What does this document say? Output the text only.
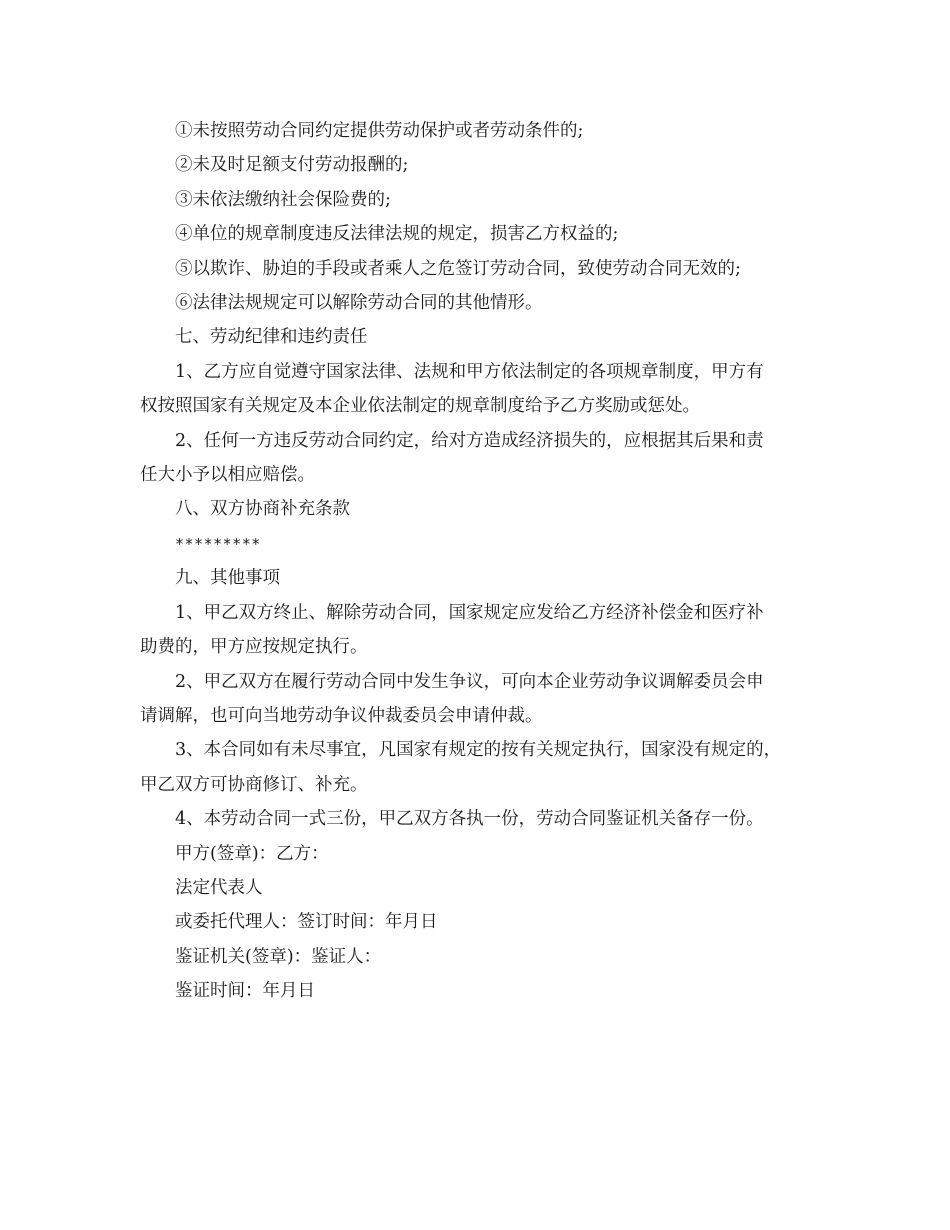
①未按照劳动合同约定提供劳动保护或者劳动条件的;

②未及时足额支付劳动报酬的;

③未依法缴纳社会保险费的;

④单位的规章制度违反法律法规的规定，损害乙方权益的;

⑤以欺诈、胁迫的手段或者乘人之危签订劳动合同，致使劳动合同无效的;

⑥法律法规规定可以解除劳动合同的其他情形。

七、劳动纪律和违约责任

1、乙方应自觉遵守国家法律、法规和甲方依法制定的各项规章制度，甲方有

权按照国家有关规定及本企业依法制定的规章制度给予乙方奖励或惩处。

2、任何一方违反劳动合同约定，给对方造成经济损失的，应根据其后果和责

任大小予以相应赔偿。

八、双方协商补充条款

*********

九、其他事项

1、甲乙双方终止、解除劳动合同，国家规定应发给乙方经济补偿金和医疗补

助费的，甲方应按规定执行。

2、甲乙双方在履行劳动合同中发生争议，可向本企业劳动争议调解委员会申

请调解，也可向当地劳动争议仲裁委员会申请仲裁。

3、本合同如有未尽事宜，凡国家有规定的按有关规定执行，国家没有规定的，

甲乙双方可协商修订、补充。

4、本劳动合同一式三份，甲乙双方各执一份，劳动合同鉴证机关备存一份。

甲方(签章)：乙方：

法定代表人

或委托代理人：签订时间：年月日

鉴证机关(签章)：鉴证人：

鉴证时间：年月日
